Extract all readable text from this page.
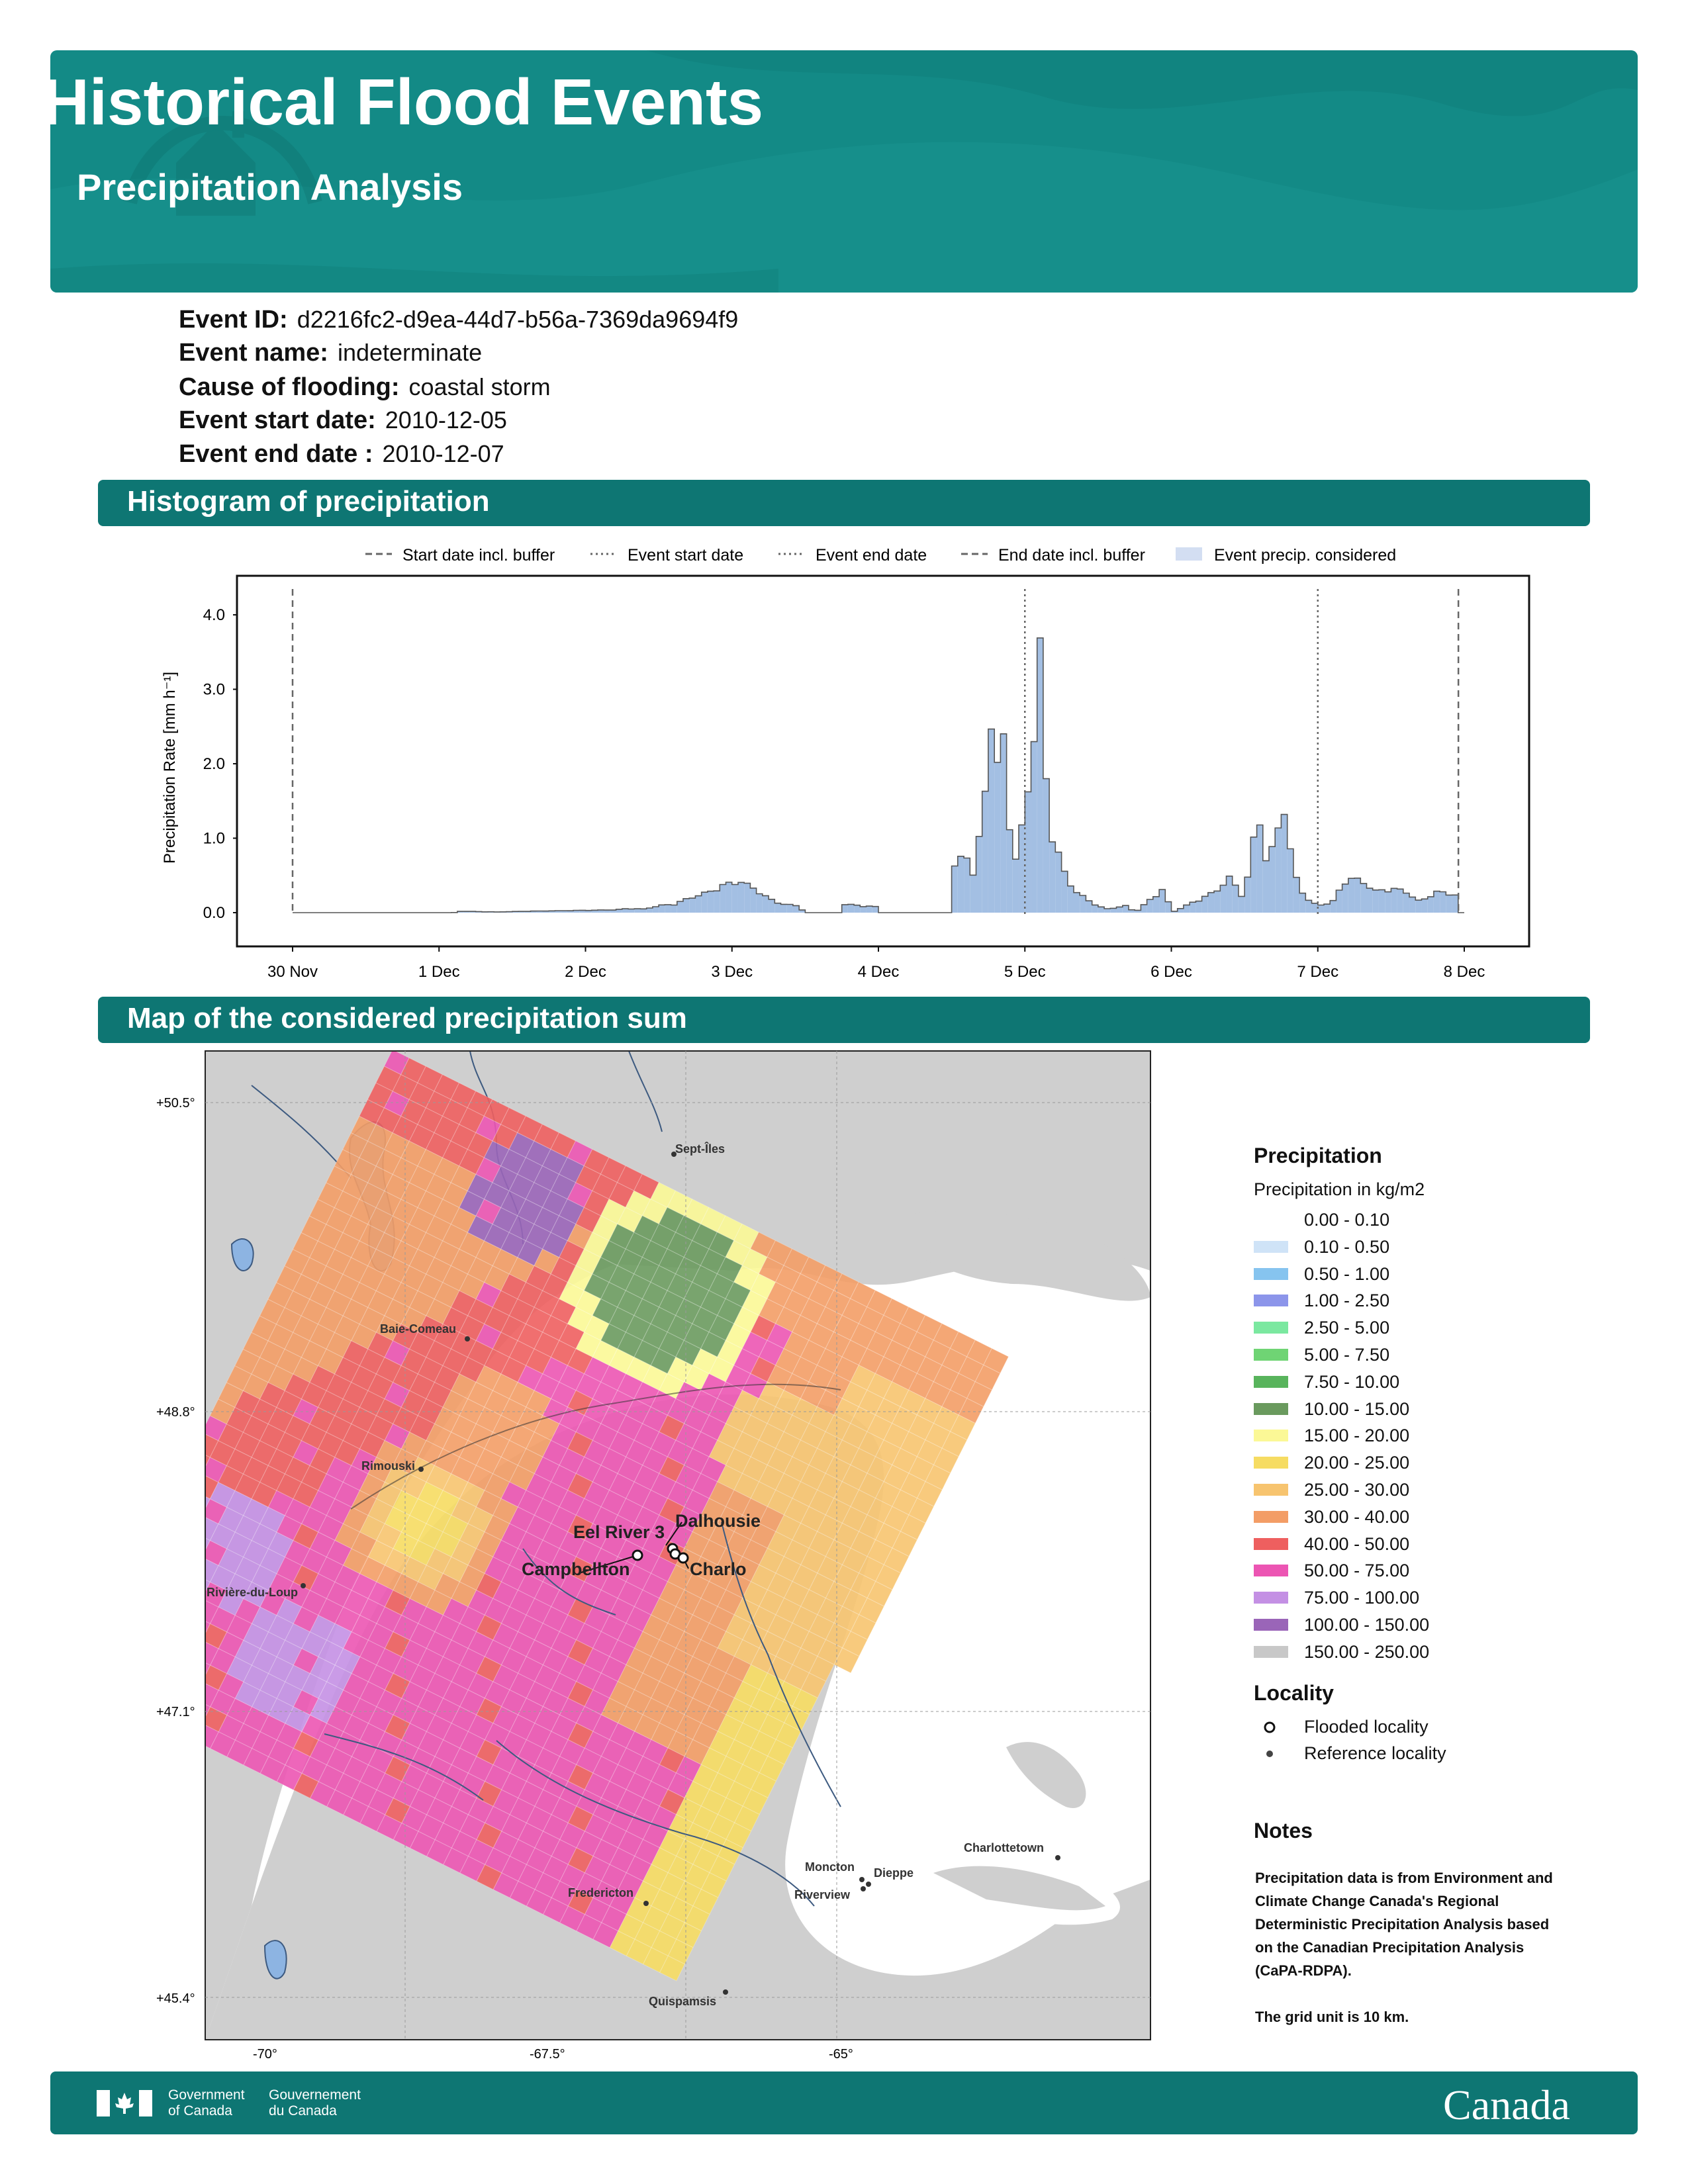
Historical Flood Events
Precipitation Analysis
Event ID: d2216fc2-d9ea-44d7-b56a-7369da9694f9
Event name: indeterminate
Cause of flooding: coastal storm
Event start date: 2010-12-05
Event end date : 2010-12-07
Histogram of precipitation
Start date incl. buffer	Event start date	Event end date	End date incl. buffer	Event precip. considered
0.0
1.0
2.0
3.0
4.0
30 Nov	1 Dec	2 Dec	3 Dec	4 Dec	5 Dec	6 Dec	7 Dec	8 Dec
Precipitation Rate [mm h⁻¹]
Map of the considered precipitation sum
+50.5°
+48.8°
+47.1°
+45.4°
-70°	-67.5°	-65°
Sept-Îles
Baie-Comeau
Rimouski
Rivière-du-Loup
Charlottetown
Moncton Dieppe
Riverview
Fredericton
Quispamsis
Eel River 3
Dalhousie
Campbellton	Charlo
Precipitation
Precipitation in kg/m2
0.00 - 0.10
0.10 - 0.50
0.50 - 1.00
1.00 - 2.50
2.50 - 5.00
5.00 - 7.50
7.50 - 10.00
10.00 - 15.00
15.00 - 20.00
20.00 - 25.00
25.00 - 30.00
30.00 - 40.00
40.00 - 50.00
50.00 - 75.00
75.00 - 100.00
100.00 - 150.00
150.00 - 250.00
Locality
Flooded locality
Reference locality
Notes
Precipitation data is from Environment and
Climate Change Canada's Regional
Deterministic Precipitation Analysis based
on the Canadian Precipitation Analysis
(CaPA-RDPA).
The grid unit is 10 km.
Government
of Canada
Gouvernement
du Canada	Canada
